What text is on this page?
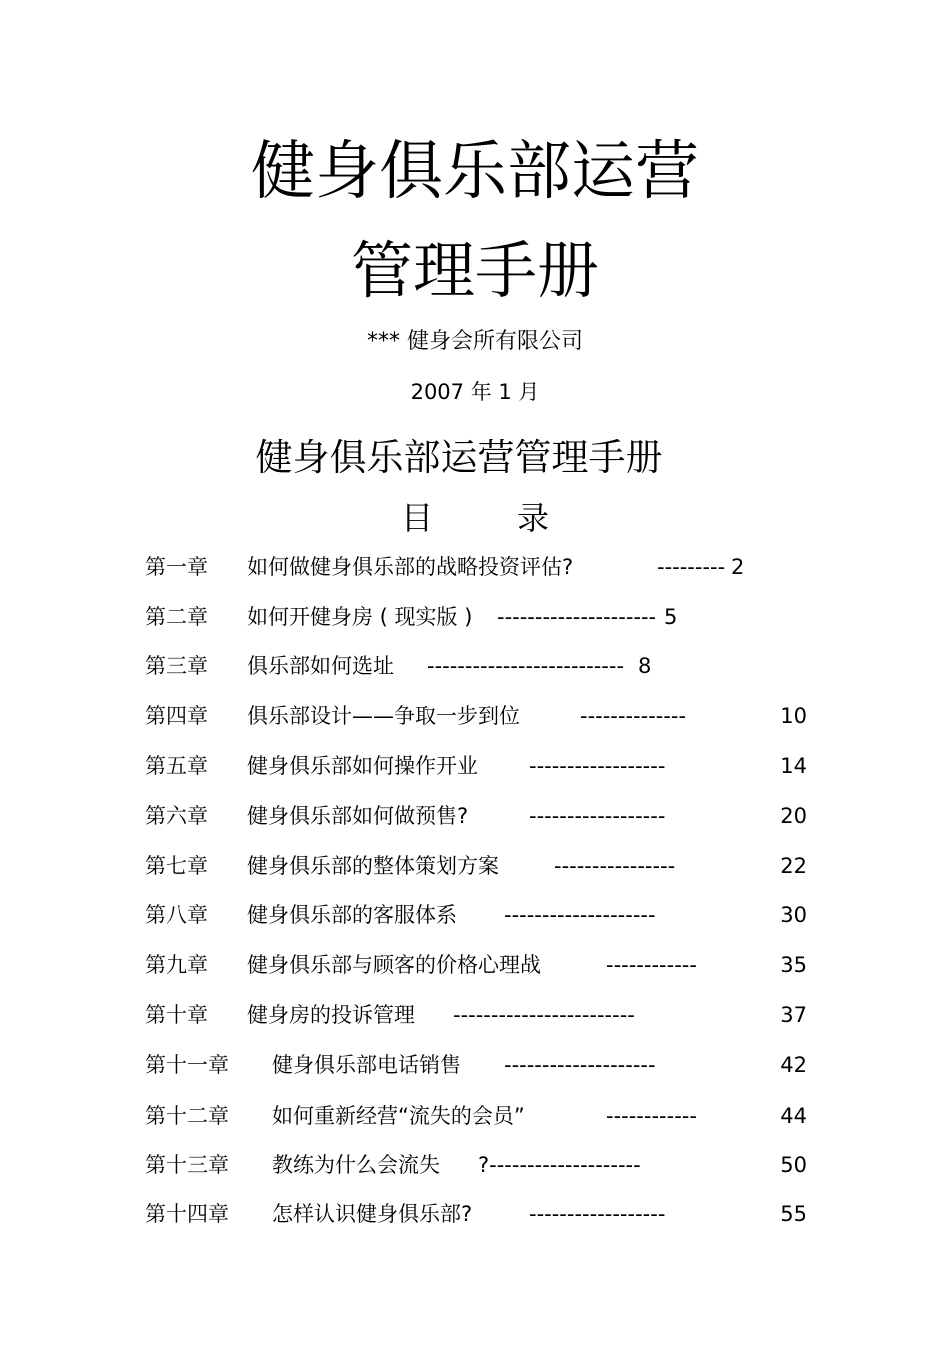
健身俱乐部运营
管理手册
*** 健身会所有限公司
2007 年 1 月
健身俱乐部运营管理手册
目	录
第一章 如何做健身俱乐部的战略投资评估?	--------- 2
第二章 如何开健身房 ( 现实版 ) --------------------- 5
第三章 俱乐部如何选址 -------------------------- 8
第四章 俱乐部设计——争取一步到位	--------------	10
第五章 健身俱乐部如何操作开业 ------------------	14
第六章 健身俱乐部如何做预售?	------------------	20
第七章 健身俱乐部的整体策划方案	----------------	22
第八章 健身俱乐部的客服体系 --------------------	30
第九章 健身俱乐部与顾客的价格心理战	------------	35
第十章 健身房的投诉管理 ------------------------	37
第十一章 健身俱乐部电话销售 --------------------	42
第十二章 如何重新经营“流失的会员”	------------	44
第十三章 教练为什么会流失 ?--------------------	50
第十四章 怎样认识健身俱乐部?	------------------	55
